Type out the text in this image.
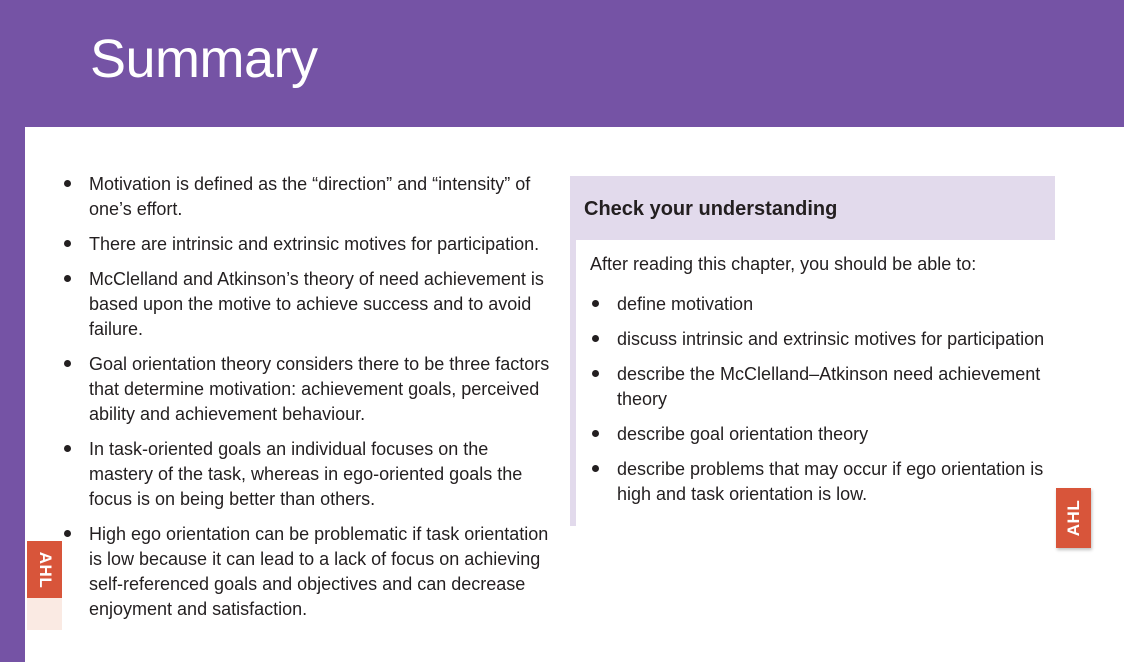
Summary
Motivation is defined as the “direction” and “intensity” of one’s effort.
There are intrinsic and extrinsic motives for participation.
McClelland and Atkinson’s theory of need achievement is based upon the motive to achieve success and to avoid failure.
Goal orientation theory considers there to be three factors that determine motivation: achievement goals, perceived ability and achievement behaviour.
In task-oriented goals an individual focuses on the mastery of the task, whereas in ego-oriented goals the focus is on being better than others.
High ego orientation can be problematic if task orientation is low because it can lead to a lack of focus on achieving self-referenced goals and objectives and can decrease enjoyment and satisfaction.
AHL
Check your understanding

After reading this chapter, you should be able to:

define motivation
discuss intrinsic and extrinsic motives for participation
describe the McClelland–Atkinson need achievement theory
describe goal orientation theory
describe problems that may occur if ego orientation is high and task orientation is low.
AHL
